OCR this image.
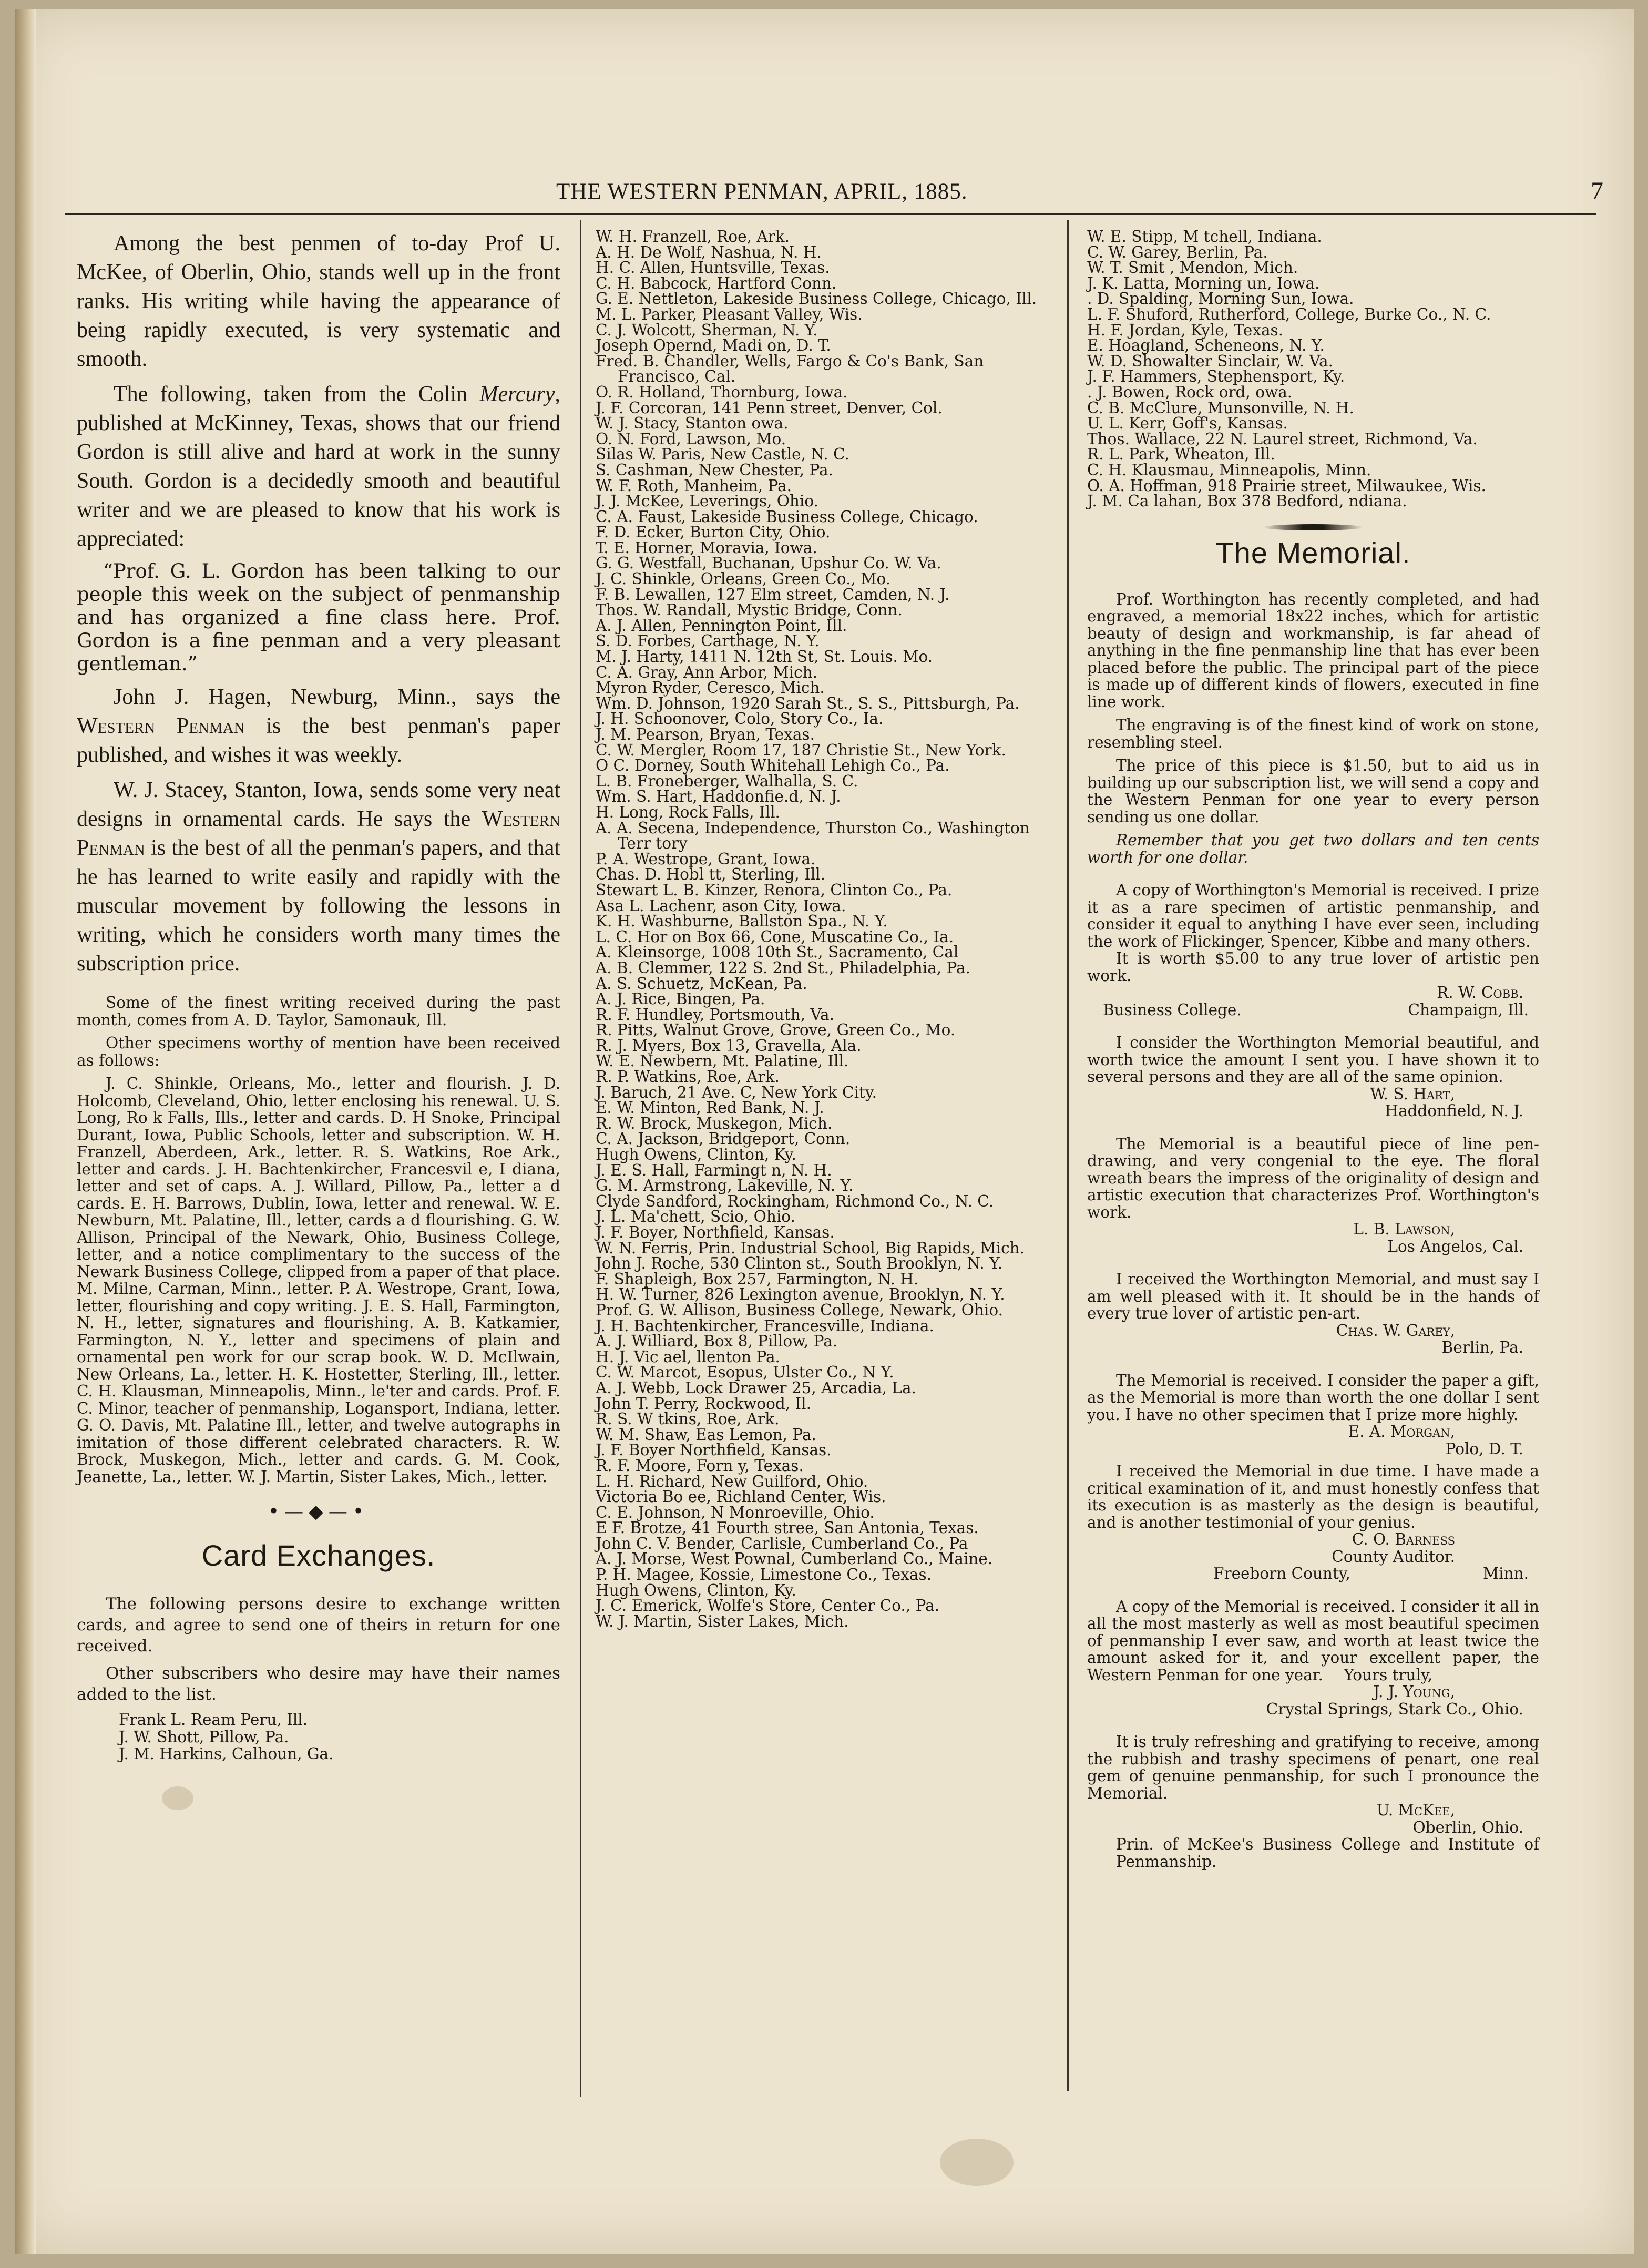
THE WESTERN PENMAN, APRIL, 1885.	7

Among the best penmen of to-day Prof U. McKee, of Oberlin, Ohio, stands well up in the front ranks. His writing while having the appearance of being rapidly executed, is very systematic and smooth.

The following, taken from the Colin Mercury, published at McKinney, Texas, shows that our friend Gordon is still alive and hard at work in the sunny South. Gordon is a decidedly smooth and beautiful writer and we are pleased to know that his work is appreciated:

“Prof. G. L. Gordon has been talking to our people this week on the subject of penmanship and has organized a fine class here. Prof. Gordon is a fine penman and a very pleasant gentleman.”

John J. Hagen, Newburg, Minn., says the Western Penman is the best penman's paper published, and wishes it was weekly.

W. J. Stacey, Stanton, Iowa, sends some very neat designs in ornamental cards. He says the Western Penman is the best of all the penman's papers, and that he has learned to write easily and rapidly with the muscular movement by following the lessons in writing, which he considers worth many times the subscription price.

Some of the finest writing received during the past month, comes from A. D. Taylor, Samonauk, Ill.

Other specimens worthy of mention have been received as follows:

J. C. Shinkle, Orleans, Mo., letter and flourish. J. D. Holcomb, Cleveland, Ohio, letter enclosing his renewal. U. S. Long, Ro k Falls, Ills., letter and cards. D. H Snoke, Principal Durant, Iowa, Public Schools, letter and subscription. W. H. Franzell, Aberdeen, Ark., letter. R. S. Watkins, Roe Ark., letter and cards. J. H. Bachtenkircher, Francesvil e, I diana, letter and set of caps. A. J. Willard, Pillow, Pa., letter a d cards. E. H. Barrows, Dublin, Iowa, letter and renewal. W. E. Newburn, Mt. Palatine, Ill., letter, cards a d flourishing. G. W. Allison, Principal of the Newark, Ohio, Business College, letter, and a notice complimentary to the success of the Newark Business College, clipped from a paper of that place. M. Milne, Carman, Minn., letter. P. A. Westrope, Grant, Iowa, letter, flourishing and copy writing. J. E. S. Hall, Farmington, N. H., letter, signatures and flourishing. A. B. Katkamier, Farmington, N. Y., letter and specimens of plain and ornamental pen work for our scrap book. W. D. McIlwain, New Orleans, La., letter. H. K. Hostetter, Sterling, Ill., letter. C. H. Klausman, Minneapolis, Minn., le'ter and cards. Prof. F. C. Minor, teacher of penmanship, Logansport, Indiana, letter. G. O. Davis, Mt. Palatine Ill., letter, and twelve autographs in imitation of those different celebrated characters. R. W. Brock, Muskegon, Mich., letter and cards. G. M. Cook, Jeanette, La., letter. W. J. Martin, Sister Lakes, Mich., letter.

•—◆—•
Card Exchanges.

The following persons desire to exchange written cards, and agree to send one of theirs in return for one received.

Other subscribers who desire may have their names added to the list.

Frank L. Ream Peru, Ill.
J. W. Shott, Pillow, Pa.
J. M. Harkins, Calhoun, Ga.
W. H. Franzell, Roe, Ark.
A. H. De Wolf, Nashua, N. H.
H. C. Allen, Huntsville, Texas.
C. H. Babcock, Hartford Conn.
G. E. Nettleton, Lakeside Business College, Chicago, Ill.
M. L. Parker, Pleasant Valley, Wis.
C. J. Wolcott, Sherman, N. Y.
Joseph Opernd, Madi on, D. T.
Fred. B. Chandler, Wells, Fargo & Co's Bank, San Francisco, Cal.
O. R. Holland, Thornburg, Iowa.
J. F. Corcoran, 141 Penn street, Denver, Col.
W. J. Stacy, Stanton owa.
O. N. Ford, Lawson, Mo.
Silas W. Paris, New Castle, N. C.
S. Cashman, New Chester, Pa.
W. F. Roth, Manheim, Pa.
J. J. McKee, Leverings, Ohio.
C. A. Faust, Lakeside Business College, Chicago.
F. D. Ecker, Burton City, Ohio.
T. E. Horner, Moravia, Iowa.
G. G. Westfall, Buchanan, Upshur Co. W. Va.
J. C. Shinkle, Orleans, Green Co., Mo.
F. B. Lewallen, 127 Elm street, Camden, N. J.
Thos. W. Randall, Mystic Bridge, Conn.
A. J. Allen, Pennington Point, Ill.
S. D. Forbes, Carthage, N. Y.
M. J. Harty, 1411 N. 12th St, St. Louis. Mo.
C. A. Gray, Ann Arbor, Mich.
Myron Ryder, Ceresco, Mich.
Wm. D. Johnson, 1920 Sarah St., S. S., Pittsburgh, Pa.
J. H. Schoonover, Colo, Story Co., Ia.
J. M. Pearson, Bryan, Texas.
C. W. Mergler, Room 17, 187 Christie St., New York.
O C. Dorney, South Whitehall Lehigh Co., Pa.
L. B. Froneberger, Walhalla, S. C.
Wm. S. Hart, Haddonfie.d, N. J.
H. Long, Rock Falls, Ill.
A. A. Secena, Independence, Thurston Co., Washington Terr tory
P. A. Westrope, Grant, Iowa.
Chas. D. Hobl tt, Sterling, Ill.
Stewart L. B. Kinzer, Renora, Clinton Co., Pa.
Asa L. Lachenr, ason City, Iowa.
K. H. Washburne, Ballston Spa., N. Y.
L. C. Hor on Box 66, Cone, Muscatine Co., Ia.
A. Kleinsorge, 1008 10th St., Sacramento, Cal
A. B. Clemmer, 122 S. 2nd St., Philadelphia, Pa.
A. S. Schuetz, McKean, Pa.
A. J. Rice, Bingen, Pa.
R. F. Hundley, Portsmouth, Va.
R. Pitts, Walnut Grove, Grove, Green Co., Mo.
R. J. Myers, Box 13, Gravella, Ala.
W. E. Newbern, Mt. Palatine, Ill.
R. P. Watkins, Roe, Ark.
J. Baruch, 21 Ave. C, New York City.
E. W. Minton, Red Bank, N. J.
R. W. Brock, Muskegon, Mich.
C. A. Jackson, Bridgeport, Conn.
Hugh Owens, Clinton, Ky.
J. E. S. Hall, Farmingt n, N. H.
G. M. Armstrong, Lakeville, N. Y.
Clyde Sandford, Rockingham, Richmond Co., N. C.
J. L. Ma'chett, Scio, Ohio.
J. F. Boyer, Northfield, Kansas.
W. N. Ferris, Prin. Industrial School, Big Rapids, Mich.
John J. Roche, 530 Clinton st., South Brooklyn, N. Y.
F. Shapleigh, Box 257, Farmington, N. H.
H. W. Turner, 826 Lexington avenue, Brooklyn, N. Y.
Prof. G. W. Allison, Business College, Newark, Ohio.
J. H. Bachtenkircher, Francesville, Indiana.
A. J. Williard, Box 8, Pillow, Pa.
H. J. Vic ael, llenton Pa.
C. W. Marcot, Esopus, Ulster Co., N Y.
A. J. Webb, Lock Drawer 25, Arcadia, La.
John T. Perry, Rockwood, Il.
R. S. W tkins, Roe, Ark.
W. M. Shaw, Eas Lemon, Pa.
J. F. Boyer Northfield, Kansas.
R. F. Moore, Forn y, Texas.
L. H. Richard, New Guilford, Ohio.
Victoria Bo ee, Richland Center, Wis.
C. E. Johnson, N Monroeville, Ohio.
E F. Brotze, 41 Fourth stree, San Antonia, Texas.
John C. V. Bender, Carlisle, Cumberland Co., Pa
A. J. Morse, West Pownal, Cumberland Co., Maine.
P. H. Magee, Kossie, Limestone Co., Texas.
Hugh Owens, Clinton, Ky.
J. C. Emerick, Wolfe's Store, Center Co., Pa.
W. J. Martin, Sister Lakes, Mich.
W. E. Stipp, M tchell, Indiana.
C. W. Garey, Berlin, Pa.
W. T. Smit , Mendon, Mich.
J. K. Latta, Morning un, Iowa.
. D. Spalding, Morning Sun, Iowa.
L. F. Shuford, Rutherford, College, Burke Co., N. C.
H. F. Jordan, Kyle, Texas.
E. Hoagland, Scheneons, N. Y.
W. D. Showalter Sinclair, W. Va.
J. F. Hammers, Stephensport, Ky.
. J. Bowen, Rock ord, owa.
C. B. McClure, Munsonville, N. H.
U. L. Kerr, Goff's, Kansas.
Thos. Wallace, 22 N. Laurel street, Richmond, Va.
R. L. Park, Wheaton, Ill.
C. H. Klausmau, Minneapolis, Minn.
O. A. Hoffman, 918 Prairie street, Milwaukee, Wis.
J. M. Ca lahan, Box 378 Bedford, ndiana.
The Memorial.

Prof. Worthington has recently completed, and had engraved, a memorial 18x22 inches, which for artistic beauty of design and workmanship, is far ahead of anything in the fine penmanship line that has ever been placed before the public. The principal part of the piece is made up of different kinds of flowers, executed in fine line work.

The engraving is of the finest kind of work on stone, resembling steel.

The price of this piece is $1.50, but to aid us in building up our subscription list, we will send a copy and the Western Penman for one year to every person sending us one dollar.

Remember that you get two dollars and ten cents worth for one dollar.

A copy of Worthington's Memorial is received. I prize it as a rare specimen of artistic penmanship, and consider it equal to anything I have ever seen, including the work of Flickinger, Spencer, Kibbe and many others.

It is worth $5.00 to any true lover of artistic pen work.

R. W. Cobb.
Business College.	Champaign, Ill.

I consider the Worthington Memorial beautiful, and worth twice the amount I sent you. I have shown it to several persons and they are all of the same opinion.

W. S. Hart,
Haddonfield, N. J.

The Memorial is a beautiful piece of line pen-drawing, and very congenial to the eye. The floral wreath bears the impress of the originality of design and artistic execution that characterizes Prof. Worthington's work.

L. B. Lawson,
Los Angelos, Cal.

I received the Worthington Memorial, and must say I am well pleased with it. It should be in the hands of every true lover of artistic pen-art.

Chas. W. Garey,
Berlin, Pa.

The Memorial is received. I consider the paper a gift, as the Memorial is more than worth the one dollar I sent you. I have no other specimen that I prize more highly.

E. A. Morgan,
Polo, D. T.

I received the Memorial in due time. I have made a critical examination of it, and must honestly confess that its execution is as masterly as the design is beautiful, and is another testimonial of your genius.

C. O. Barness
County Auditor.
Freeborn County,	Minn.

A copy of the Memorial is received. I consider it all in all the most masterly as well as most beautiful specimen of penmanship I ever saw, and worth at least twice the amount asked for it, and your excellent paper, the Western Penman for one year. Yours truly,

J. J. Young,
Crystal Springs, Stark Co., Ohio.

It is truly refreshing and gratifying to receive, among the rubbish and trashy specimens of penart, one real gem of genuine penmanship, for such I pronounce the Memorial.

U. McKee,
Oberlin, Ohio.

Prin. of McKee's Business College and Institute of Penmanship.
